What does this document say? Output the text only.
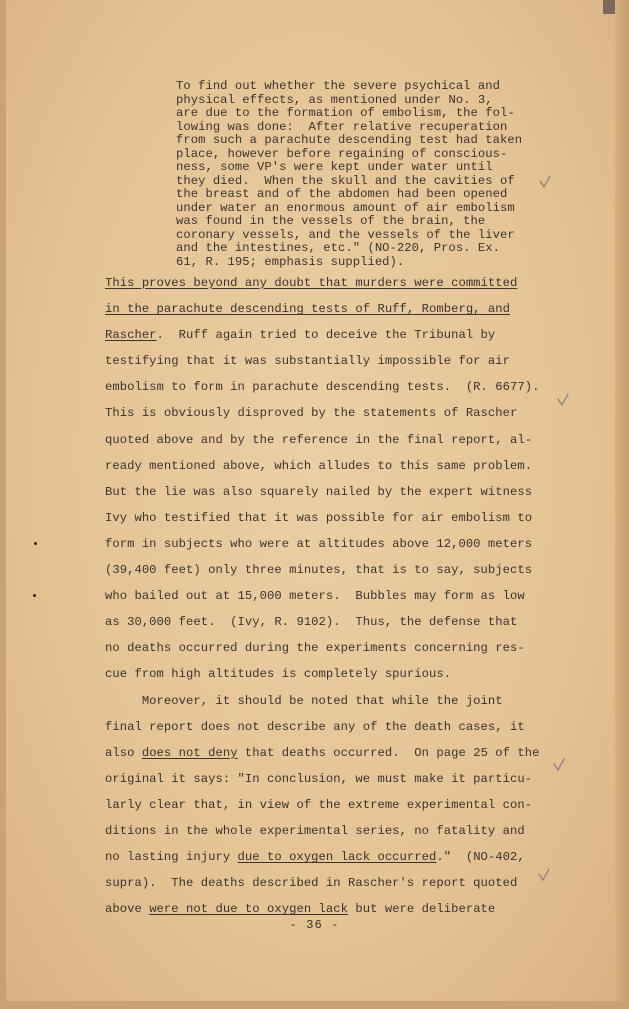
To find out whether the severe psychical and
physical effects, as mentioned under No. 3,
are due to the formation of embolism, the fol-
lowing was done:  After relative recuperation
from such a parachute descending test had taken
place, however before regaining of conscious-
ness, some VP's were kept under water until
they died.  When the skull and the cavities of
the breast and of the abdomen had been opened
under water an enormous amount of air embolism
was found in the vessels of the brain, the
coronary vessels, and the vessels of the liver
and the intestines, etc." (NO-220, Pros. Ex.
61, R. 195; emphasis supplied).
This proves beyond any doubt that murders were committed
in the parachute descending tests of Ruff, Romberg, and
Rascher.  Ruff again tried to deceive the Tribunal by
testifying that it was substantially impossible for air
embolism to form in parachute descending tests.  (R. 6677).
This is obviously disproved by the statements of Rascher
quoted above and by the reference in the final report, al-
ready mentioned above, which alludes to this same problem.
But the lie was also squarely nailed by the expert witness
Ivy who testified that it was possible for air embolism to
form in subjects who were at altitudes above 12,000 meters
(39,400 feet) only three minutes, that is to say, subjects
who bailed out at 15,000 meters.  Bubbles may form as low
as 30,000 feet.  (Ivy, R. 9102).  Thus, the defense that
no deaths occurred during the experiments concerning res-
cue from high altitudes is completely spurious.
Moreover, it should be noted that while the joint
final report does not describe any of the death cases, it
also does not deny that deaths occurred.  On page 25 of the
original it says: "In conclusion, we must make it particu-
larly clear that, in view of the extreme experimental con-
ditions in the whole experimental series, no fatality and
no lasting injury due to oxygen lack occurred."  (NO-402,
supra).  The deaths described in Rascher's report quoted
above were not due to oxygen lack but were deliberate
- 36 -
